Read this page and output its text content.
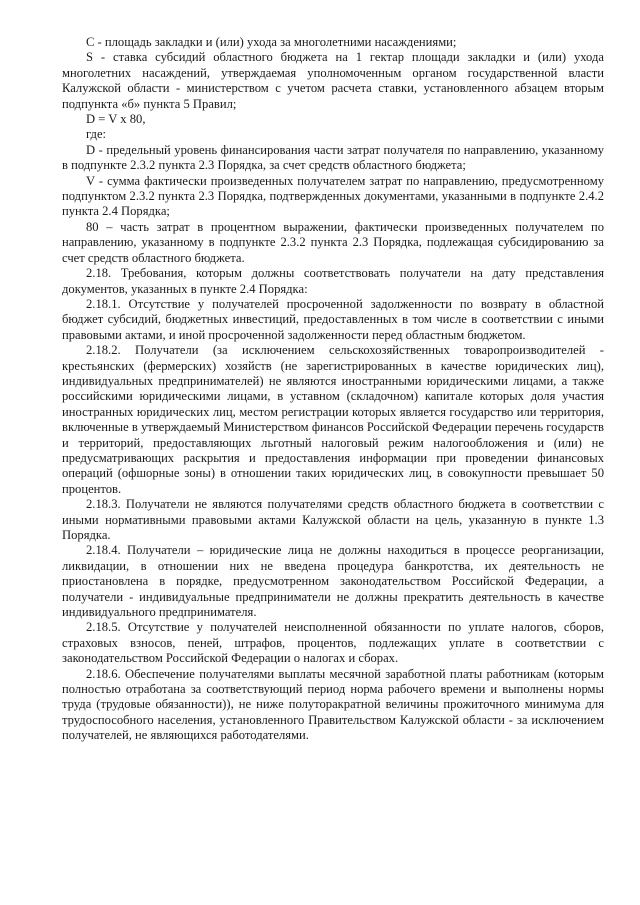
С - площадь закладки и (или) ухода за многолетними насаждениями;

S - ставка субсидий областного бюджета на 1 гектар площади закладки и (или) ухода многолетних насаждений, утверждаемая уполномоченным органом государственной власти Калужской области - министерством с учетом расчета ставки, установленного абзацем вторым подпункта «б» пункта 5 Правил;

D = V x 80,

где:

D - предельный уровень финансирования части затрат получателя по направлению, указанному в подпункте 2.3.2 пункта 2.3 Порядка, за счет средств областного бюджета;

V - сумма фактически произведенных получателем затрат по направлению, предусмотренному подпунктом 2.3.2 пункта 2.3 Порядка, подтвержденных документами, указанными в подпункте 2.4.2 пункта 2.4 Порядка;

80 – часть затрат в процентном выражении, фактически произведенных получателем по направлению, указанному в подпункте 2.3.2 пункта 2.3 Порядка, подлежащая субсидированию за счет средств областного бюджета.

2.18. Требования, которым должны соответствовать получатели на дату представления документов, указанных в пункте 2.4 Порядка:

2.18.1. Отсутствие у получателей просроченной задолженности по возврату в областной бюджет субсидий, бюджетных инвестиций, предоставленных в том числе в соответствии с иными правовыми актами, и иной просроченной задолженности перед областным бюджетом.

2.18.2. Получатели (за исключением сельскохозяйственных товаропроизводителей - крестьянских (фермерских) хозяйств (не зарегистрированных в качестве юридических лиц), индивидуальных предпринимателей) не являются иностранными юридическими лицами, а также российскими юридическими лицами, в уставном (складочном) капитале которых доля участия иностранных юридических лиц, местом регистрации которых является государство или территория, включенные в утверждаемый Министерством финансов Российской Федерации перечень государств и территорий, предоставляющих льготный налоговый режим налогообложения и (или) не предусматривающих раскрытия и предоставления информации при проведении финансовых операций (офшорные зоны) в отношении таких юридических лиц, в совокупности превышает 50 процентов.

2.18.3. Получатели не являются получателями средств областного бюджета в соответствии с иными нормативными правовыми актами Калужской области на цель, указанную в пункте 1.3 Порядка.

2.18.4. Получатели – юридические лица не должны находиться в процессе реорганизации, ликвидации, в отношении них не введена процедура банкротства, их деятельность не приостановлена в порядке, предусмотренном законодательством Российской Федерации, а получатели - индивидуальные предприниматели не должны прекратить деятельность в качестве индивидуального предпринимателя.

2.18.5. Отсутствие у получателей неисполненной обязанности по уплате налогов, сборов, страховых взносов, пеней, штрафов, процентов, подлежащих уплате в соответствии с законодательством Российской Федерации о налогах и сборах.

2.18.6. Обеспечение получателями выплаты месячной заработной платы работникам (которым полностью отработана за соответствующий период норма рабочего времени и выполнены нормы труда (трудовые обязанности)), не ниже полуторакратной величины прожиточного минимума для трудоспособного населения, установленного Правительством Калужской области - за исключением получателей, не являющихся работодателями.
